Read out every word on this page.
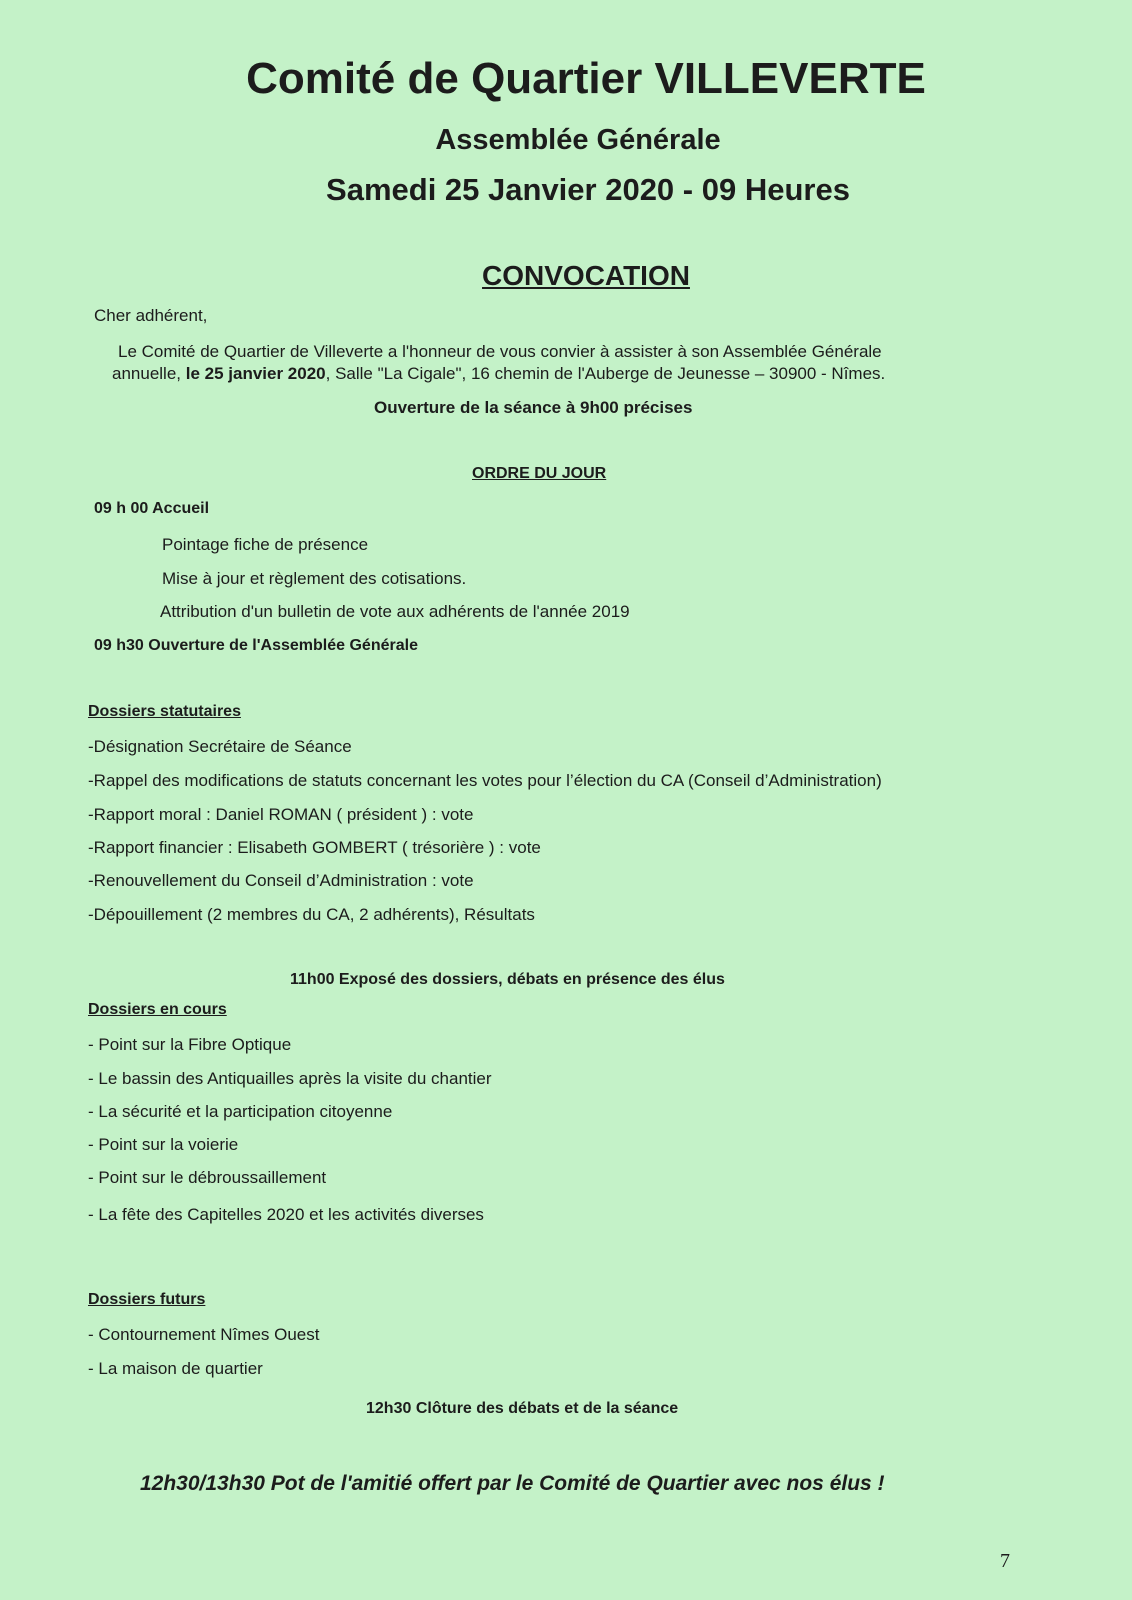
Comité de Quartier VILLEVERTE
Assemblée Générale
Samedi 25 Janvier 2020 - 09 Heures
CONVOCATION
Cher adhérent,
Le Comité de Quartier de Villeverte a l'honneur de vous convier à assister à son Assemblée Générale
annuelle, le 25 janvier 2020, Salle "La Cigale", 16 chemin de l'Auberge de Jeunesse – 30900 - Nîmes.
Ouverture de la séance à 9h00 précises
ORDRE DU JOUR
09 h 00 Accueil
Pointage fiche de présence
Mise à jour et règlement des cotisations.
Attribution d'un bulletin de vote aux adhérents de l'année 2019
09 h30 Ouverture de l'Assemblée Générale
Dossiers statutaires
-Désignation Secrétaire de Séance
-Rappel des modifications de statuts concernant les votes pour l’élection du CA (Conseil d’Administration)
-Rapport moral : Daniel ROMAN ( président ) : vote
-Rapport financier : Elisabeth GOMBERT ( trésorière ) : vote
-Renouvellement du Conseil d’Administration : vote
-Dépouillement (2 membres du CA, 2 adhérents), Résultats
11h00 Exposé des dossiers, débats en présence des élus
Dossiers en cours
- Point sur la Fibre Optique
- Le bassin des Antiquailles après la visite du chantier
- La sécurité et la participation citoyenne
- Point sur la voierie
- Point sur le débroussaillement
- La fête des Capitelles 2020 et les activités diverses
Dossiers futurs
- Contournement Nîmes Ouest
- La maison de quartier
12h30 Clôture des débats et de la séance
12h30/13h30 Pot de l'amitié offert par le Comité de Quartier avec nos élus !
7
